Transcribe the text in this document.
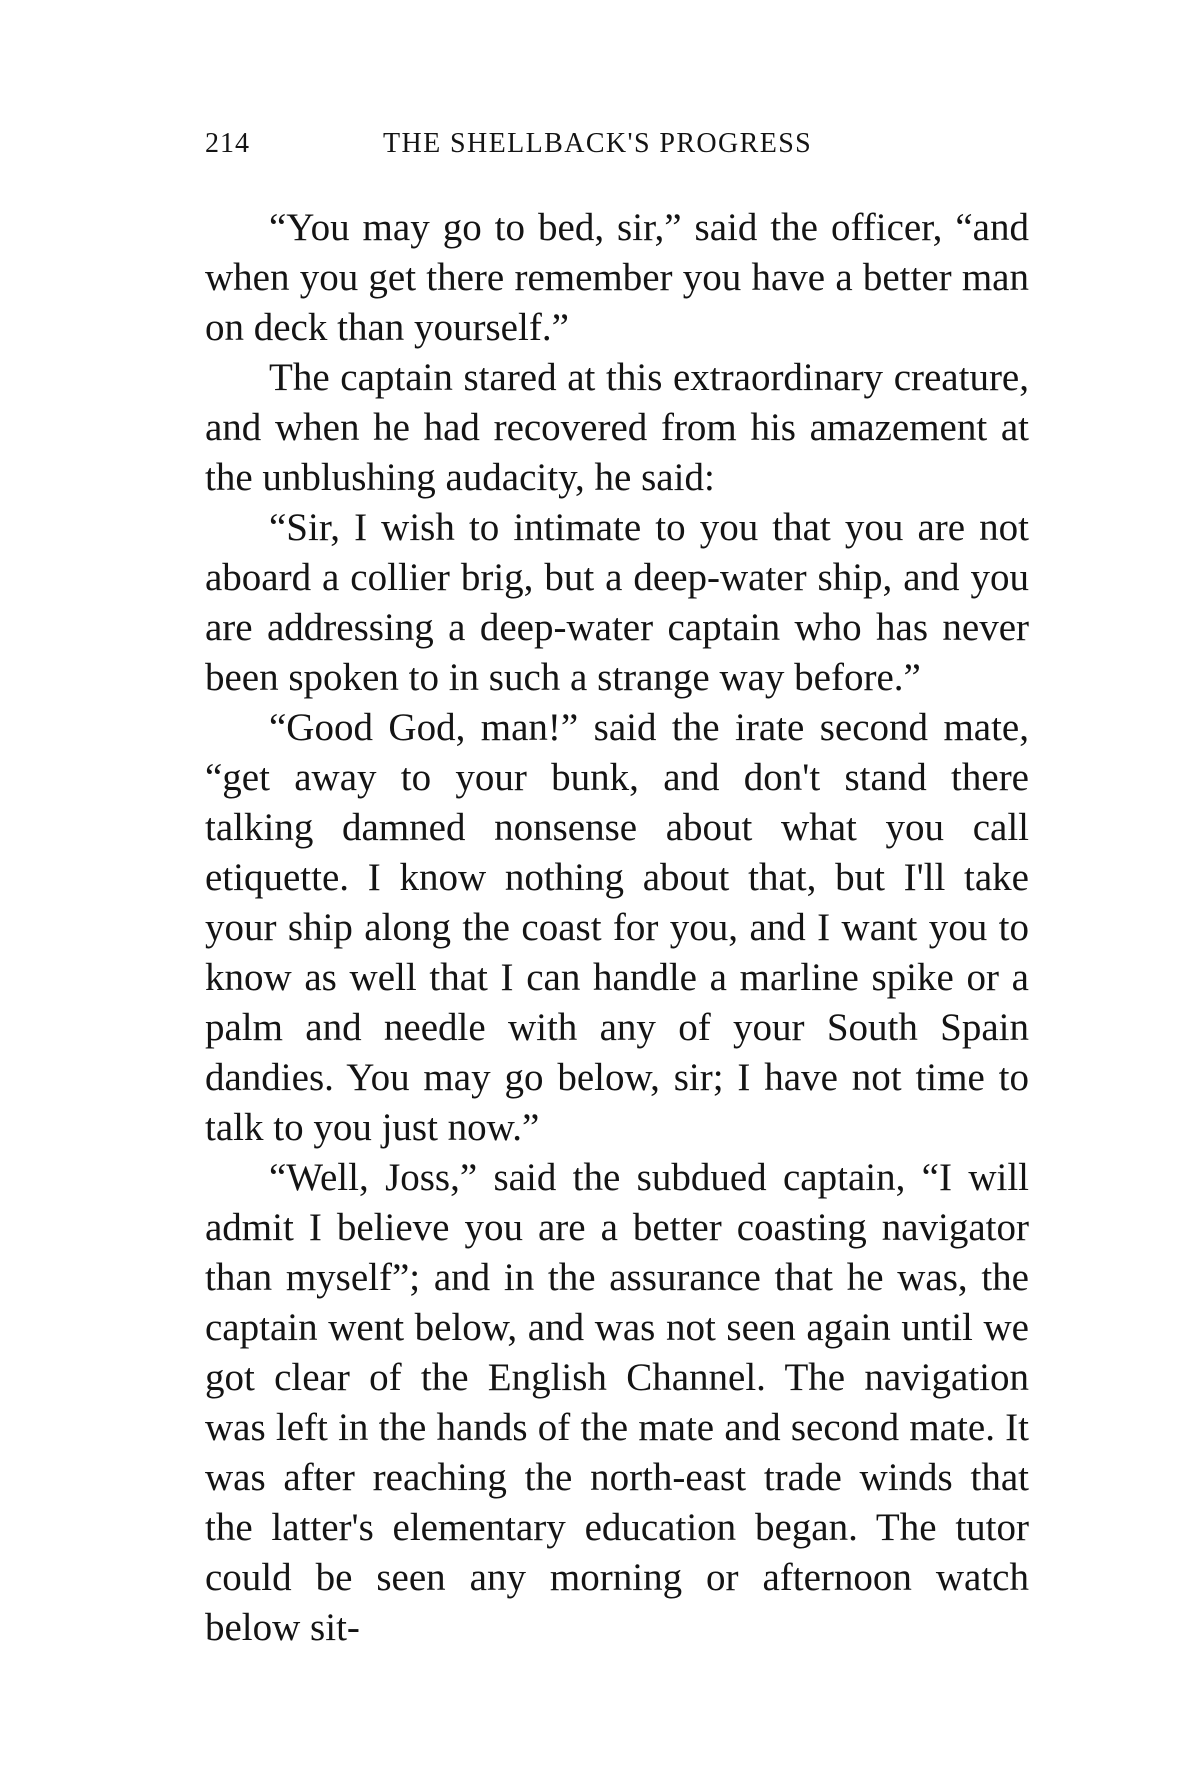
214	THE SHELLBACK'S PROGRESS

“You may go to bed, sir,” said the officer, “and when you get there remember you have a better man on deck than yourself.”

The captain stared at this extraordinary creature, and when he had recovered from his amazement at the unblushing audacity, he said:

“Sir, I wish to intimate to you that you are not aboard a collier brig, but a deep-water ship, and you are addressing a deep-water captain who has never been spoken to in such a strange way before.”

“Good God, man!” said the irate second mate, “get away to your bunk, and don't stand there talking damned nonsense about what you call etiquette. I know nothing about that, but I'll take your ship along the coast for you, and I want you to know as well that I can handle a marline spike or a palm and needle with any of your South Spain dandies. You may go below, sir; I have not time to talk to you just now.”

“Well, Joss,” said the subdued captain, “I will admit I believe you are a better coasting navigator than myself”; and in the assurance that he was, the captain went below, and was not seen again until we got clear of the English Channel. The navigation was left in the hands of the mate and second mate. It was after reaching the north-east trade winds that the latter's elementary education began. The tutor could be seen any morning or afternoon watch below sit-
